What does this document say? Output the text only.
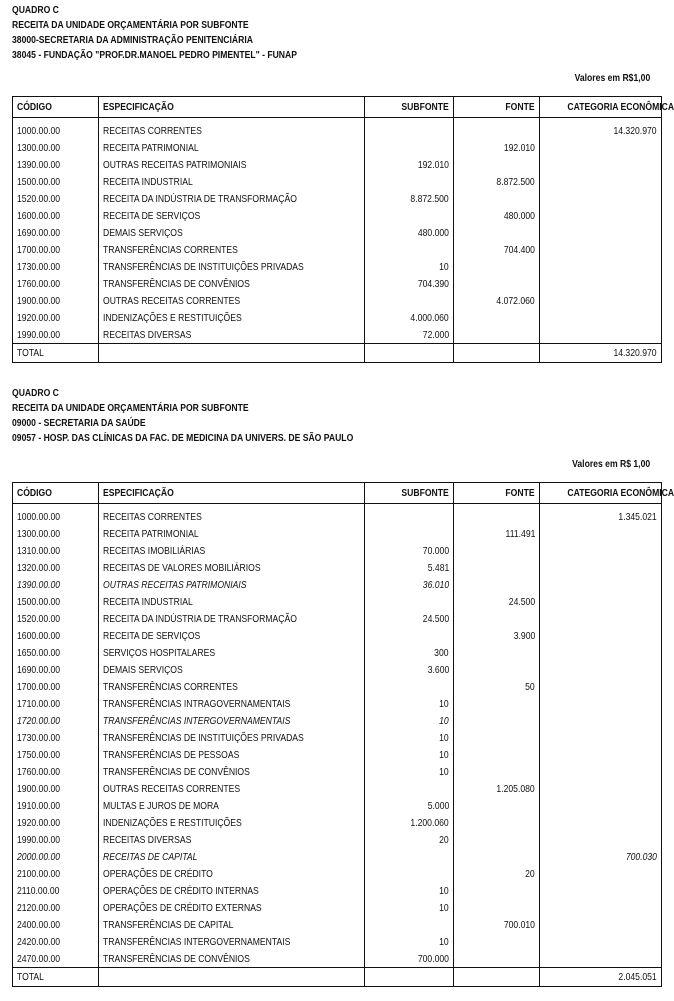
QUADRO C
RECEITA DA UNIDADE ORÇAMENTÁRIA POR SUBFONTE
38000-SECRETARIA DA ADMINISTRAÇÃO PENITENCIÁRIA
38045 - FUNDAÇÃO "PROF.DR.MANOEL PEDRO PIMENTEL" - FUNAP
Valores em R$1,00
CÓDIGO	ESPECIFICAÇÃO	SUBFONTE	FONTE	CATEGORIA ECONÔMICA
1000.00.00	RECEITAS CORRENTES			14.320.970
1300.00.00	RECEITA PATRIMONIAL		192.010	
1390.00.00	OUTRAS RECEITAS PATRIMONIAIS	192.010		
1500.00.00	RECEITA INDUSTRIAL		8.872.500	
1520.00.00	RECEITA DA INDÚSTRIA DE TRANSFORMAÇÃO	8.872.500		
1600.00.00	RECEITA DE SERVIÇOS		480.000	
1690.00.00	DEMAIS SERVIÇOS	480.000		
1700.00.00	TRANSFERÊNCIAS CORRENTES		704.400	
1730.00.00	TRANSFERÊNCIAS DE INSTITUIÇÕES PRIVADAS	10		
1760.00.00	TRANSFERÊNCIAS DE CONVÊNIOS	704.390		
1900.00.00	OUTRAS RECEITAS CORRENTES		4.072.060	
1920.00.00	INDENIZAÇÕES E RESTITUIÇÕES	4.000.060		
1990.00.00	RECEITAS DIVERSAS	72.000		
TOTAL				14.320.970
QUADRO C
RECEITA DA UNIDADE ORÇAMENTÁRIA POR SUBFONTE
09000 - SECRETARIA DA SAÚDE
09057 - HOSP. DAS CLÍNICAS DA FAC. DE MEDICINA DA UNIVERS. DE SÃO PAULO
Valores em R$ 1,00
CÓDIGO	ESPECIFICAÇÃO	SUBFONTE	FONTE	CATEGORIA ECONÔMICA
1000.00.00	RECEITAS CORRENTES			1.345.021
1300.00.00	RECEITA PATRIMONIAL		111.491	
1310.00.00	RECEITAS IMOBILIÁRIAS	70.000		
1320.00.00	RECEITAS DE VALORES MOBILIÁRIOS	5.481		
1390.00.00	OUTRAS RECEITAS PATRIMONIAIS	36.010		
1500.00.00	RECEITA INDUSTRIAL		24.500	
1520.00.00	RECEITA DA INDÚSTRIA DE TRANSFORMAÇÃO	24.500		
1600.00.00	RECEITA DE SERVIÇOS		3.900	
1650.00.00	SERVIÇOS HOSPITALARES	300		
1690.00.00	DEMAIS SERVIÇOS	3.600		
1700.00.00	TRANSFERÊNCIAS CORRENTES		50	
1710.00.00	TRANSFERÊNCIAS INTRAGOVERNAMENTAIS	10		
1720.00.00	TRANSFERÊNCIAS INTERGOVERNAMENTAIS	10		
1730.00.00	TRANSFERÊNCIAS DE INSTITUIÇÕES PRIVADAS	10		
1750.00.00	TRANSFERÊNCIAS DE PESSOAS	10		
1760.00.00	TRANSFERÊNCIAS DE CONVÊNIOS	10		
1900.00.00	OUTRAS RECEITAS CORRENTES		1.205.080	
1910.00.00	MULTAS E JUROS DE MORA	5.000		
1920.00.00	INDENIZAÇÕES E RESTITUIÇÕES	1.200.060		
1990.00.00	RECEITAS DIVERSAS	20		
2000.00.00	RECEITAS DE CAPITAL			700.030
2100.00.00	OPERAÇÕES DE CRÉDITO		20	
2110.00.00	OPERAÇÕES DE CRÉDITO INTERNAS	10		
2120.00.00	OPERAÇÕES DE CRÉDITO EXTERNAS	10		
2400.00.00	TRANSFERÊNCIAS DE CAPITAL		700.010	
2420.00.00	TRANSFERÊNCIAS INTERGOVERNAMENTAIS	10		
2470.00.00	TRANSFERÊNCIAS DE CONVÊNIOS	700.000		
TOTAL				2.045.051
